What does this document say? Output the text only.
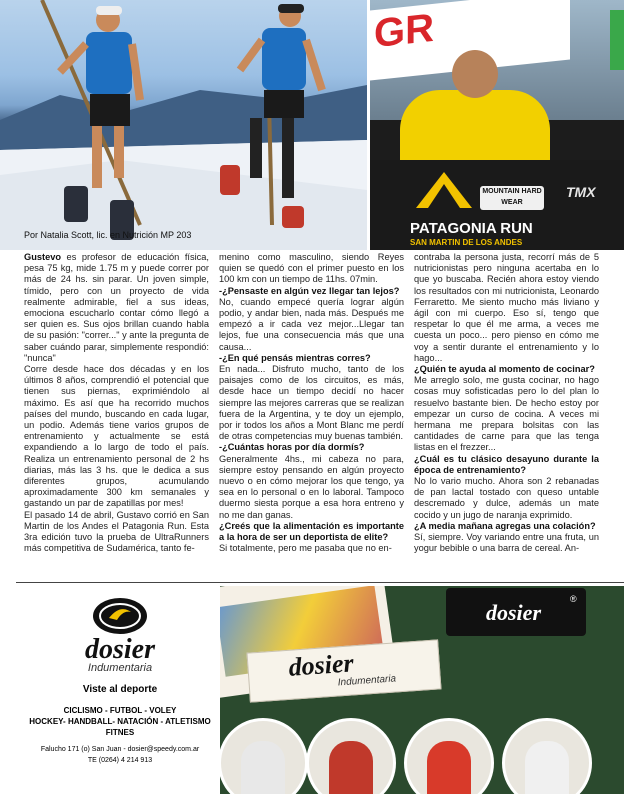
Por Natalia Scott, lic. en Nutrición MP 203
GR
MOUNTAIN HARD WEAR
TMX
PATAGONIA RUN
SAN MARTIN DE LOS ANDES

Gustevo es profesor de educación física, pesa 75 kg, mide 1.75 m y puede correr por más de 24 hs. sin parar. Un joven simple, tímido, pero con un proyecto de vida realmente admirable, fiel a sus ideas, emociona escucharlo contar cómo llegó a ser quien es. Sus ojos brillan cuando habla de su pasión: "correr..." y ante la pregunta de saber cuándo parar, simplemente respondió: "nunca"

Corre desde hace dos décadas y en los últimos 8 años, comprendió el potencial que tienen sus piernas, exprimiéndolo al máximo. Es así que ha recorrido muchos países del mundo, buscando en cada lugar, un podio. Además tiene varios grupos de entrenamiento y actualmente se está expandiendo a lo largo de todo el país. Realiza un entrenamiento personal de 2 hs diarias, más las 3 hs. que le dedica a sus diferentes grupos, acumulando aproximadamente 300 km semanales y gastando un par de zapatillas por mes!

El pasado 14 de abril, Gustavo corrió en San Martin de los Andes el Patagonia Run. Esta 3ra edición tuvo la prueba de UltraRunners más competitiva de Sudamérica, tanto fe-

menino como masculino, siendo Reyes quien se quedó con el primer puesto en los 100 km con un tiempo de 11hs. 07min.

-¿Pensaste en algún vez llegar tan lejos?

No, cuando empecé quería lograr algún podio, y andar bien, nada más. Después me empezó a ir cada vez mejor...Llegar tan lejos, fue una consecuencia más que una causa...

-¿En qué pensás mientras corres?

En nada... Disfruto mucho, tanto de los paisajes como de los circuitos, es más, desde hace un tiempo decidí no hacer siempre las mejores carreras que se realizan fuera de la Argentina, y te doy un ejemplo, por ir todos los años a Mont Blanc me perdí de otras competencias muy buenas también.

-¿Cuántas horas por día dormís?

Generalmente 4hs., mi cabeza no para, siempre estoy pensando en algún proyecto nuevo o en cómo mejorar los que tengo, ya sea en lo personal o en lo laboral. Tampoco duermo siesta porque a esa hora entreno y no me dan ganas.

¿Creés que la alimentación es importante a la hora de ser un deportista de elite?

Si totalmente, pero me pasaba que no en-

contraba la persona justa, recorrí más de 5 nutricionistas pero ninguna acertaba en lo que yo buscaba. Recién ahora estoy viendo los resultados con mi nutricionista, Leonardo Ferraretto. Me siento mucho más liviano y ágil con mi cuerpo. Eso sí, tengo que respetar lo que él me arma, a veces me cuesta un poco... pero pienso en cómo me voy a sentir durante el entrenamiento y lo hago...

¿Quién te ayuda al momento de cocinar?

Me arreglo solo, me gusta cocinar, no hago cosas muy sofisticadas pero lo del plan lo resuelvo bastante bien. De hecho estoy por empezar un curso de cocina. A veces mi hermana me prepara bolsitas con las cantidades de carne para que las tenga listas en el frezzer...

¿Cuál es tu clásico desayuno durante la época de entrenamiento?

No lo vario mucho. Ahora son 2 rebanadas de pan lactal tostado con queso untable descremado y dulce, además un mate cocido y un jugo de naranja exprimido.

¿A media mañana agregas una colación?

Sí, siempre. Voy variando entre una fruta, un yogur bebible o una barra de cereal. An-

dosier
Indumentaria
Viste al deporte
CICLISMO - FUTBOL - VOLEY
HOCKEY- HANDBALL- NATACIÓN - ATLETISMO
FITNES
Falucho 171 (o) San Juan - dosier@speedy.com.ar
TE (0264) 4 214 913
dosier
Indumentaria
dosier
®
